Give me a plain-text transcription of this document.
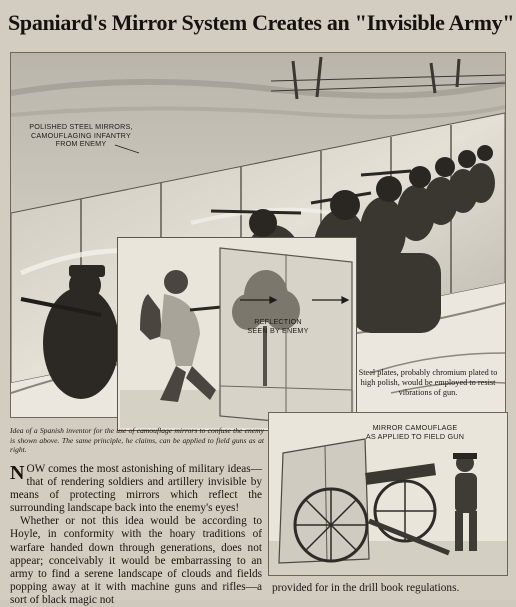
Spaniard's Mirror System Creates an "Invisible Army"
POLISHED STEEL MIRRORS,
CAMOUFLAGING INFANTRY
FROM ENEMY
REFLECTION
SEEN BY ENEMY
Steel plates, probably chromium plated to high polish, would be employed to resist vibrations of gun.
Idea of a Spanish inventor for the use of camouflage mirrors to confuse the enemy is shown above. The same principle, he claims, can be applied to field guns as at right.
MIRROR CAMOUFLAGE
AS APPLIED TO FIELD GUN

NOW comes the most astonishing of military ideas—that of rendering soldiers and artillery invisible by means of protecting mirrors which reflect the surrounding landscape back into the enemy's eyes!

Whether or not this idea would be according to Hoyle, in conformity with the hoary traditions of warfare handed down through generations, does not appear; conceivably it would be embarrassing to an army to find a serene landscape of clouds and fields popping away at it with machine guns and rifles—a sort of black magic not

provided for in the drill book regulations.
